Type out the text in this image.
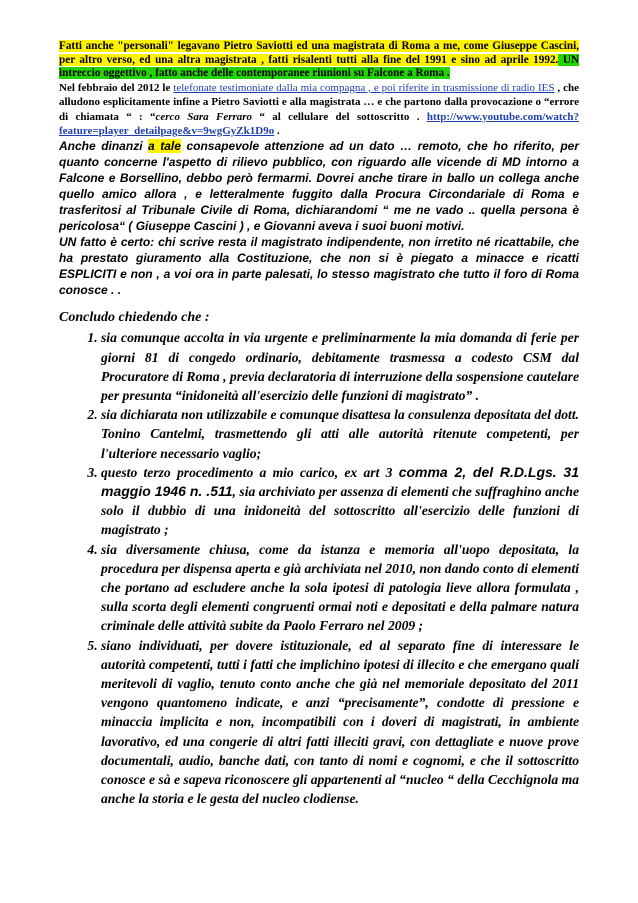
Fatti anche "personali" legavano Pietro Saviotti ed una magistrata di Roma a me, come Giuseppe Cascini, per altro verso, ed una altra magistrata , fatti risalenti tutti alla fine del 1991 e sino ad aprile 1992. UN intreccio oggettivo , fatto anche delle contemporanee riunioni su Falcone a Roma .

Nel febbraio del 2012 le telefonate testimoniate dalla mia compagna , e poi riferite in trasmissione di radio IES , che alludono esplicitamente infine a Pietro Saviotti e alla magistrata … e che partono dalla provocazione o “errore di chiamata “ : “cerco Sara Ferraro “ al cellulare del sottoscritto . http://www.youtube.com/watch?feature=player_detailpage&v=9wgGyZk1D9o .

Anche dinanzi a tale consapevole attenzione ad un dato … remoto, che ho riferito, per quanto concerne l'aspetto di rilievo pubblico, con riguardo alle vicende di MD intorno a Falcone e Borsellino, debbo però fermarmi. Dovrei anche tirare in ballo un collega anche quello amico allora , e letteralmente fuggito dalla Procura Circondariale di Roma e trasferitosi al Tribunale Civile di Roma, dichiarandomi “ me ne vado .. quella persona è pericolosa“ ( Giuseppe Cascini ) , e Giovanni aveva i suoi buoni motivi.

UN fatto è certo: chi scrive resta il magistrato indipendente, non irretito né ricattabile, che ha prestato giuramento alla Costituzione, che non si è piegato a minacce e ricatti ESPLICITI e non , a voi ora in parte palesati, lo stesso magistrato che tutto il foro di Roma conosce . .

Concludo chiedendo che :

1. sia comunque accolta in via urgente e preliminarmente la mia domanda di ferie per giorni 81 di congedo ordinario, debitamente trasmessa a codesto CSM dal Procuratore di Roma , previa declaratoria di interruzione della sospensione cautelare per presunta “inidoneità all'esercizio delle funzioni di magistrato” .
2. sia dichiarata non utilizzabile e comunque disattesa la consulenza depositata del dott. Tonino Cantelmi, trasmettendo gli atti alle autorità ritenute competenti, per l'ulteriore necessario vaglio;
3. questo terzo procedimento a mio carico, ex art 3 comma 2, del R.D.Lgs. 31 maggio 1946 n. .511, sia archiviato per assenza di elementi che suffraghino anche solo il dubbio di una inidoneità del sottoscritto all'esercizio delle funzioni di magistrato ;
4. sia diversamente chiusa, come da istanza e memoria all'uopo depositata, la procedura per dispensa aperta e già archiviata nel 2010, non dando conto di elementi che portano ad escludere anche la sola ipotesi di patologia lieve allora formulata , sulla scorta degli elementi congruenti ormai noti e depositati e della palmare natura criminale delle attività subite da Paolo Ferraro nel 2009 ;
5. siano individuati, per dovere istituzionale, ed al separato fine di interessare le autorità competenti, tutti i fatti che implichino ipotesi di illecito e che emergano quali meritevoli di vaglio, tenuto conto anche che già nel memoriale depositato del 2011 vengono quantomeno indicate, e anzi “precisamente”, condotte di pressione e minaccia implicita e non, incompatibili con i doveri di magistrati, in ambiente lavorativo, ed una congerie di altri fatti illeciti gravi, con dettagliate e nuove prove documentali, audio, banche dati, con tanto di nomi e cognomi, e che il sottoscritto conosce e sà e sapeva riconoscere gli appartenenti al “nucleo “ della Cecchignola ma anche la storia e le gesta del nucleo clodiense.
